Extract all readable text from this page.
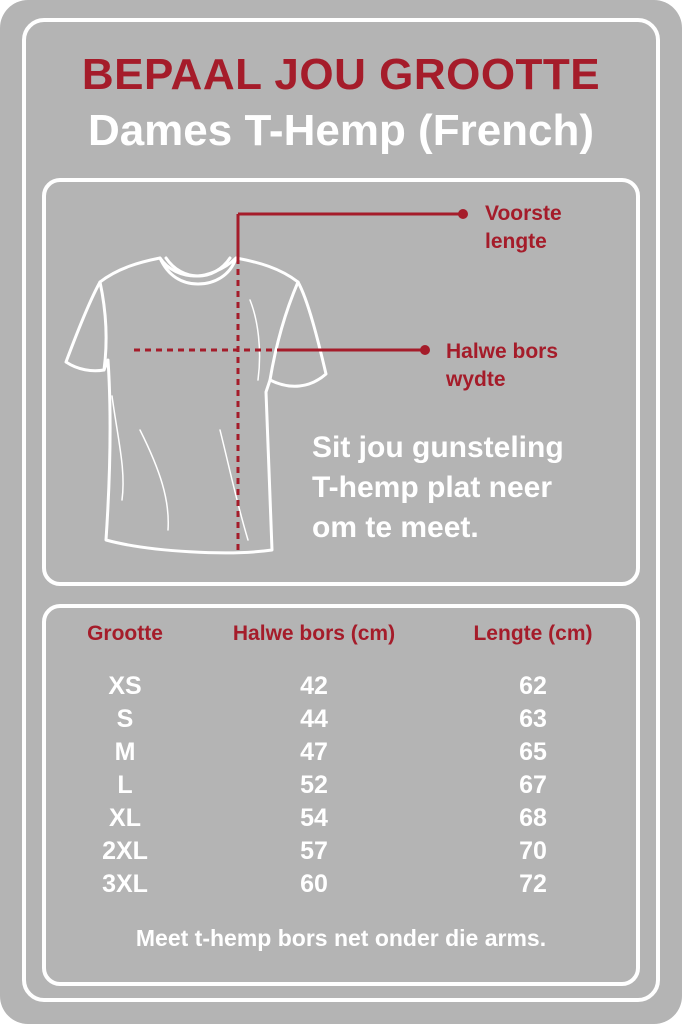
BEPAAL JOU GROOTTE
Dames T-Hemp (French)
Voorste
lengte
Halwe bors
wydte
Sit jou gunsteling
T-hemp plat neer
om te meet.
Grootte	Halwe bors (cm)	Lengte (cm)
XS	42	62
S	44	63
M	47	65
L	52	67
XL	54	68
2XL	57	70
3XL	60	72
Meet t-hemp bors net onder die arms.
